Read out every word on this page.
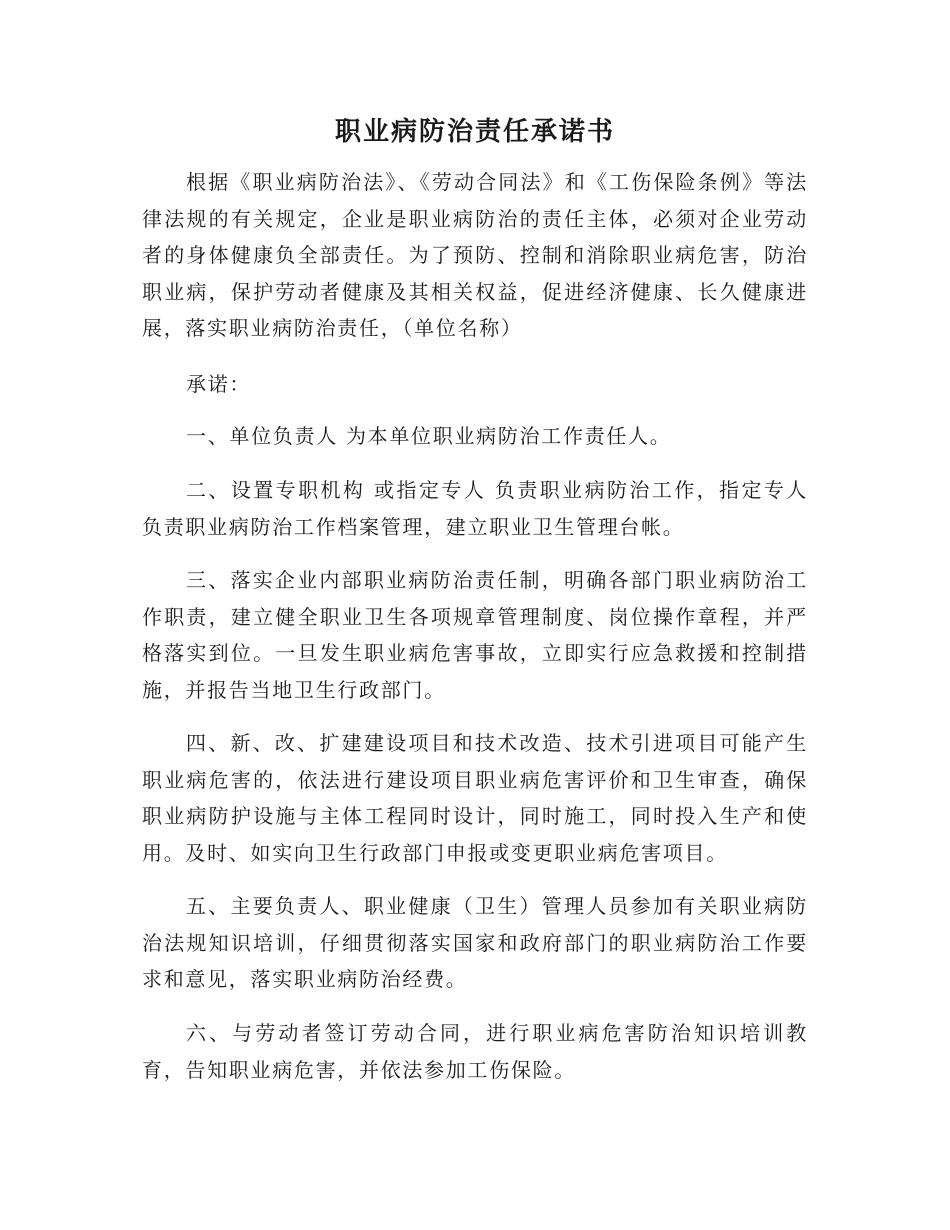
职业病防治责任承诺书

根据《职业病防治法》、《劳动合同法》和《工伤保险条例》等法律法规的有关规定，企业是职业病防治的责任主体，必须对企业劳动者的身体健康负全部责任。为了预防、控制和消除职业病危害，防治职业病，保护劳动者健康及其相关权益，促进经济健康、长久健康进展，落实职业病防治责任，（单位名称）

承诺：

一、单位负责人 为本单位职业病防治工作责任人。

二、设置专职机构 或指定专人 负责职业病防治工作，指定专人负责职业病防治工作档案管理，建立职业卫生管理台帐。

三、落实企业内部职业病防治责任制，明确各部门职业病防治工作职责，建立健全职业卫生各项规章管理制度、岗位操作章程，并严格落实到位。一旦发生职业病危害事故，立即实行应急救援和控制措施，并报告当地卫生行政部门。

四、新、改、扩建建设项目和技术改造、技术引进项目可能产生职业病危害的，依法进行建设项目职业病危害评价和卫生审查，确保职业病防护设施与主体工程同时设计，同时施工，同时投入生产和使用。及时、如实向卫生行政部门申报或变更职业病危害项目。

五、主要负责人、职业健康（卫生）管理人员参加有关职业病防治法规知识培训，仔细贯彻落实国家和政府部门的职业病防治工作要求和意见，落实职业病防治经费。

六、与劳动者签订劳动合同，进行职业病危害防治知识培训教育，告知职业病危害，并依法参加工伤保险。
